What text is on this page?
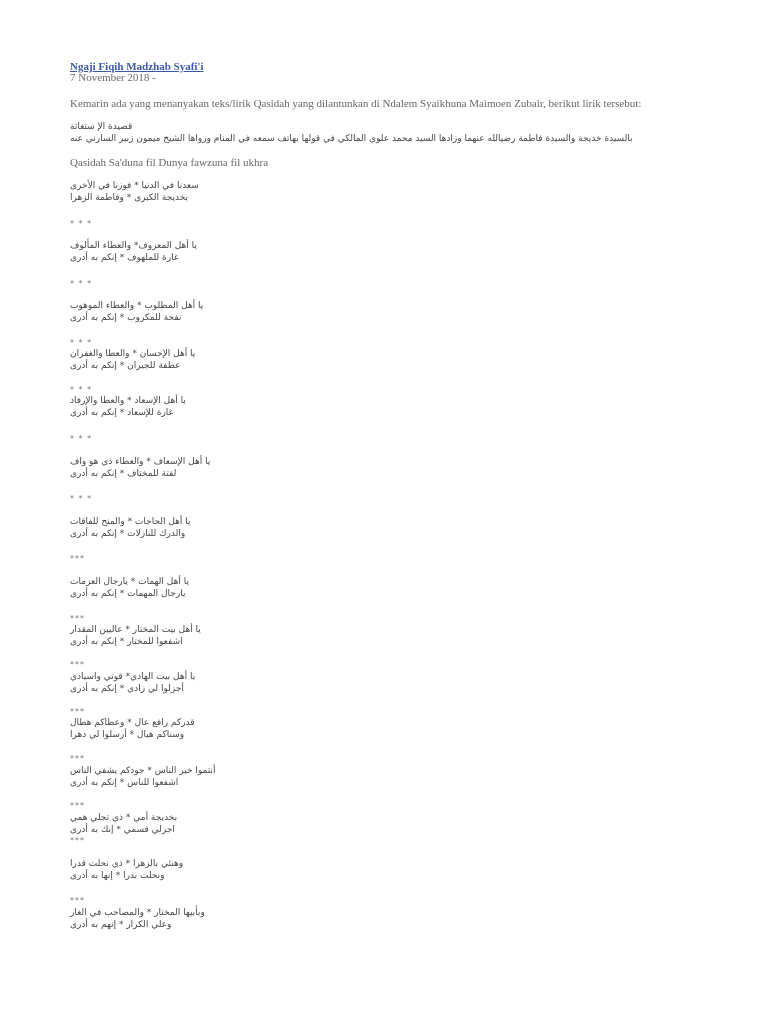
Ngaji Fiqih Madzhab Syafi'i
7 November 2018 -
Kemarin ada yang menanyakan teks/lirik Qasidah yang dilantunkan di Ndalem Syaikhuna Maimoen Zubair, berikut lirik tersebut:
قصيدة الإ ستغاثة
بالسيدة خديجة والسيدة فاطمة رضيالله عنهما وزادها السيد محمد علوي المالكي في قولها بهاتف سمعه في المنام ورواها الشيخ ميمون زبير السارني عنه
Qasidah Sa'duna fil Dunya fawzuna fil ukhra
سعدنا في الدنيا * فوزنا في الأخرى
بخديجة الكبرى * وفاطمة الزهرا
* * *
يا أهل المعروف* والعطاء المألوف
غارة للملهوف * إنكم به أدرى
* * *
يا أهل المطلوب * والعطاء الموهوب
نفحة للمكروب * إنكم به أدرى
* * *
يا أهل الإحسان * والعطا والغفران
عطفة للجيران * إنكم به أدرى
* * *
يا أهل الإسعاد * والعطا والإرفاد
غارة للإسعاد * إنكم به أدرى
* * *
يا أهل الإسعاف * والعطاء ذي هو واف
لفتة للمختاف * إنكم به أدرى
* * *
يا أهل الحاجات * والمنح للفاقات
والدرك للنازلات * إنكم به أدرى
***
يا أهل الهمات * يارجال العزمات
يارجال المهمات * إنكم به أدرى
***
يا أهل بيت المختار * عاليين المقدار
اشفعوا للمختار * إنكم به أدرى
***
يا أهل بيت الهادي* قوتي واسيادي
أجزلوا لي زادي * إنكم به أدرى
***
قدركم رافع عال * وعطاكم هطال
وسناكم هيال * أرسلوا لي دهرا
***
أنتموا خير الناس * جودكم يشفي الناس
اشفعوا للناس * إنكم به أدرى
***
بخديجة أمي * ذي تجلي همي
اجزلي قسمي * إنك به أدرى
***
وهنئي بالزهرا * ذي نحلت قدرا
ونحلت بدرا * إنها به أدرى
***
وبأبيها المختار * والمصاحب في الغار
وعلي الكرار * إنهم به أدرى
